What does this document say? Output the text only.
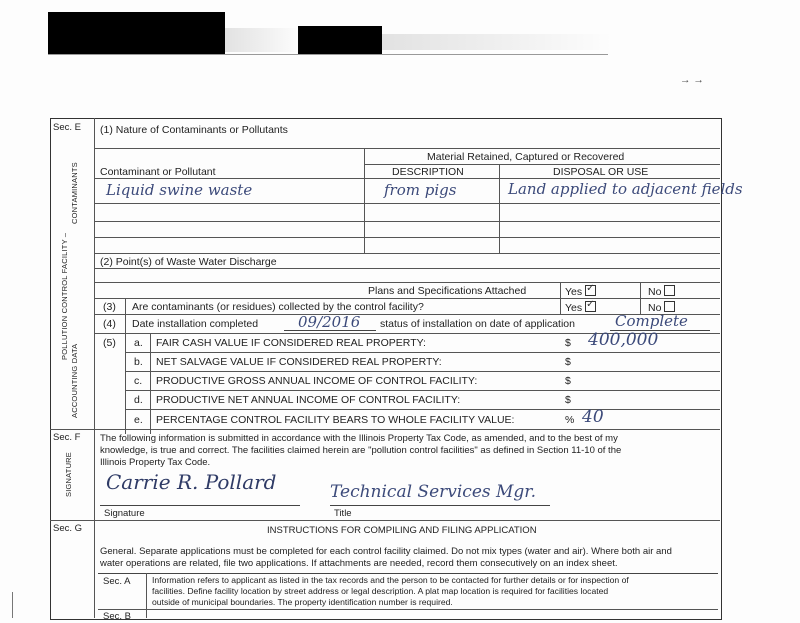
→ →
Sec. E
Sec. F
Sec. G
POLLUTION CONTROL FACILITY –
CONTAMINANTS
ACCOUNTING DATA
SIGNATURE
(1) Nature of Contaminants or Pollutants
Material Retained, Captured or Recovered
Contaminant or Pollutant	DESCRIPTION	DISPOSAL OR USE
Liquid swine waste	from pigs	Land applied to adjacent fields
(2) Point(s) of Waste Water Discharge
Plans and Specifications Attached	Yes ✓	No
(3) Are contaminants (or residues) collected by the control facility?	Yes ✓	No
(4) Date installation completed	09/2016 status of installation on date of application	Complete
(5) a. FAIR CASH VALUE IF CONSIDERED REAL PROPERTY:	$ 400,000
b. NET SALVAGE VALUE IF CONSIDERED REAL PROPERTY:	$
c. PRODUCTIVE GROSS ANNUAL INCOME OF CONTROL FACILITY:	$
d. PRODUCTIVE NET ANNUAL INCOME OF CONTROL FACILITY:	$
e. PERCENTAGE CONTROL FACILITY BEARS TO WHOLE FACILITY VALUE:	% 40
The following information is submitted in accordance with the Illinois Property Tax Code, as amended, and to the best of my
knowledge, is true and correct. The facilities claimed herein are "pollution control facilities" as defined in Section 11-10 of the
Illinois Property Tax Code.
Carrie R. Pollard	Technical Services Mgr.
Signature	Title
INSTRUCTIONS FOR COMPILING AND FILING APPLICATION
General. Separate applications must be completed for each control facility claimed. Do not mix types (water and air). Where both air and
water operations are related, file two applications. If attachments are needed, record them consecutively on an index sheet.
Sec. A	Information refers to applicant as listed in the tax records and the person to be contacted for further details or for inspection of
facilities. Define facility location by street address or legal description. A plat map location is required for facilities located
outside of municipal boundaries. The property identification number is required.
Sec. B
